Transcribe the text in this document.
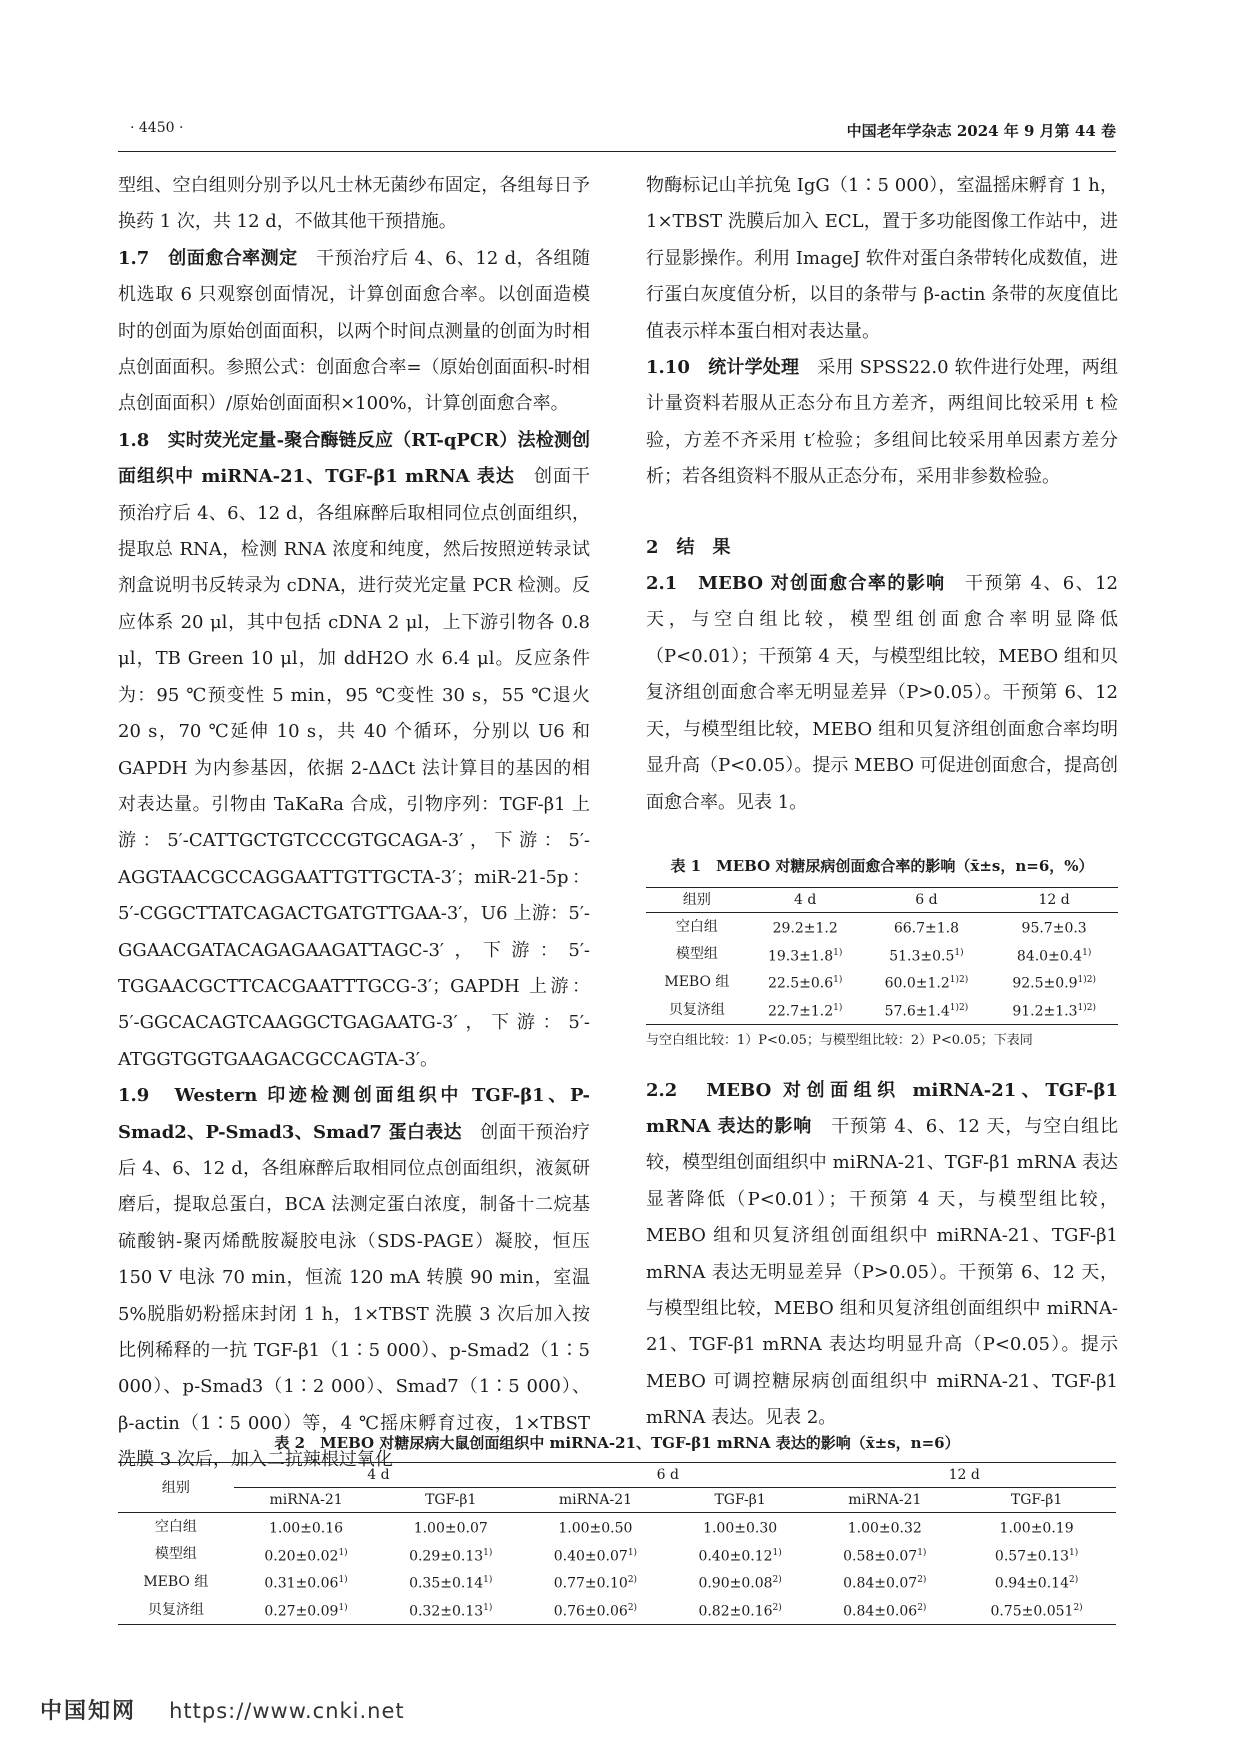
· 4450 ·	中国老年学杂志 2024 年 9 月第 44 卷

型组、空白组则分别予以凡士林无菌纱布固定，各组每日予换药 1 次，共 12 d，不做其他干预措施。

1.7　创面愈合率测定　干预治疗后 4、6、12 d，各组随机选取 6 只观察创面情况，计算创面愈合率。以创面造模时的创面为原始创面面积，以两个时间点测量的创面为时相点创面面积。参照公式：创面愈合率=（原始创面面积-时相点创面面积）/原始创面面积×100%，计算创面愈合率。

1.8　实时荧光定量-聚合酶链反应（RT-qPCR）法检测创面组织中 miRNA-21、TGF-β1 mRNA 表达　创面干预治疗后 4、6、12 d，各组麻醉后取相同位点创面组织，提取总 RNA，检测 RNA 浓度和纯度，然后按照逆转录试剂盒说明书反转录为 cDNA，进行荧光定量 PCR 检测。反应体系 20 μl，其中包括 cDNA 2 μl，上下游引物各 0.8 μl，TB Green 10 μl，加 ddH2O 水 6.4 μl。反应条件为：95 ℃预变性 5 min，95 ℃变性 30 s，55 ℃退火 20 s，70 ℃延伸 10 s，共 40 个循环，分别以 U6 和 GAPDH 为内参基因，依据 2-ΔΔCt 法计算目的基因的相对表达量。引物由 TaKaRa 合成，引物序列：TGF-β1 上游：5′-CATTGCTGTCCCGTGCAGA-3′，下游：5′-AGGTAACGCCAGGAATTGTTGCTA-3′；miR-21-5p：5′-CGGCTTATCAGACTGATGTTGAA-3′，U6 上游：5′-GGAACGATACAGAGAAGATTAGC-3′，下游：5′-TGGAACGCTTCACGAATTTGCG-3′；GAPDH 上游：5′-GGCACAGTCAAGGCTGAGAATG-3′，下游：5′-ATGGTGGTGAAGACGCCAGTA-3′。

1.9　Western 印迹检测创面组织中 TGF-β1、P-Smad2、P-Smad3、Smad7 蛋白表达　创面干预治疗后 4、6、12 d，各组麻醉后取相同位点创面组织，液氮研磨后，提取总蛋白，BCA 法测定蛋白浓度，制备十二烷基硫酸钠-聚丙烯酰胺凝胶电泳（SDS-PAGE）凝胶，恒压 150 V 电泳 70 min，恒流 120 mA 转膜 90 min，室温 5%脱脂奶粉摇床封闭 1 h，1×TBST 洗膜 3 次后加入按比例稀释的一抗 TGF-β1（1∶5 000）、p-Smad2（1∶5 000）、p-Smad3（1∶2 000）、Smad7（1∶5 000）、β-actin（1∶5 000）等，4 ℃摇床孵育过夜，1×TBST 洗膜 3 次后，加入二抗辣根过氧化

物酶标记山羊抗兔 IgG（1∶5 000），室温摇床孵育 1 h，1×TBST 洗膜后加入 ECL，置于多功能图像工作站中，进行显影操作。利用 ImageJ 软件对蛋白条带转化成数值，进行蛋白灰度值分析，以目的条带与 β-actin 条带的灰度值比值表示样本蛋白相对表达量。

1.10　统计学处理　采用 SPSS22.0 软件进行处理，两组计量资料若服从正态分布且方差齐，两组间比较采用 t 检验，方差不齐采用 t′检验；多组间比较采用单因素方差分析；若各组资料不服从正态分布，采用非参数检验。

2　结　果

2.1　MEBO 对创面愈合率的影响　干预第 4、6、12 天，与空白组比较，模型组创面愈合率明显降低（P<0.01）；干预第 4 天，与模型组比较，MEBO 组和贝复济组创面愈合率无明显差异（P>0.05）。干预第 6、12 天，与模型组比较，MEBO 组和贝复济组创面愈合率均明显升高（P<0.05）。提示 MEBO 可促进创面愈合，提高创面愈合率。见表 1。

表 1　MEBO 对糖尿病创面愈合率的影响（x̄±s，n=6，%）
组别	4 d	6 d	12 d
空白组	29.2±1.2	66.7±1.8	95.7±0.3
模型组	$19.3\pm 1.8^{1)}$	$51.3\pm 0.5^{1)}$	$84.0\pm 0.4^{1)}$
MEBO 组	$22.5\pm 0.6^{1)}$	$60.0\pm 1.2^{1)2)}$	$92.5\pm 0.9^{1)2)}$
贝复济组	$22.7\pm 1.2^{1)}$	$57.6\pm 1.4^{1)2)}$	$91.2\pm 1.3^{1)2)}$
与空白组比较：1）P<0.05；与模型组比较：2）P<0.05；下表同

2.2　MEBO 对创面组织 miRNA-21、TGF-β1 mRNA 表达的影响　干预第 4、6、12 天，与空白组比较，模型组创面组织中 miRNA-21、TGF-β1 mRNA 表达显著降低（P<0.01）；干预第 4 天，与模型组比较，MEBO 组和贝复济组创面组织中 miRNA-21、TGF-β1 mRNA 表达无明显差异（P>0.05）。干预第 6、12 天，与模型组比较，MEBO 组和贝复济组创面组织中 miRNA-21、TGF-β1 mRNA 表达均明显升高（P<0.05）。提示 MEBO 可调控糖尿病创面组织中 miRNA-21、TGF-β1 mRNA 表达。见表 2。

表 2　MEBO 对糖尿病大鼠创面组织中 miRNA-21、TGF-β1 mRNA 表达的影响（x̄±s，n=6）
组别	4 d		6 d		12 d	
	miRNA-21	TGF-β1	miRNA-21	TGF-β1	miRNA-21	TGF-β1
空白组	1.00±0.16	1.00±0.07	1.00±0.50	1.00±0.30	1.00±0.32	1.00±0.19
模型组	$0.20\pm 0.02^{1)}$	$0.29\pm 0.13^{1)}$	$0.40\pm 0.07^{1)}$	$0.40\pm 0.12^{1)}$	$0.58\pm 0.07^{1)}$	$0.57\pm 0.13^{1)}$
MEBO 组	$0.31\pm 0.06^{1)}$	$0.35\pm 0.14^{1)}$	$0.77\pm 0.10^{2)}$	$0.90\pm 0.08^{2)}$	$0.84\pm 0.07^{2)}$	$0.94\pm 0.14^{2)}$
贝复济组	$0.27\pm 0.09^{1)}$	$0.32\pm 0.13^{1)}$	$0.76\pm 0.06^{2)}$	$0.82\pm 0.16^{2)}$	$0.84\pm 0.06^{2)}$	$0.75\pm 0.051^{2)}$
中国知网 https://www.cnki.net
